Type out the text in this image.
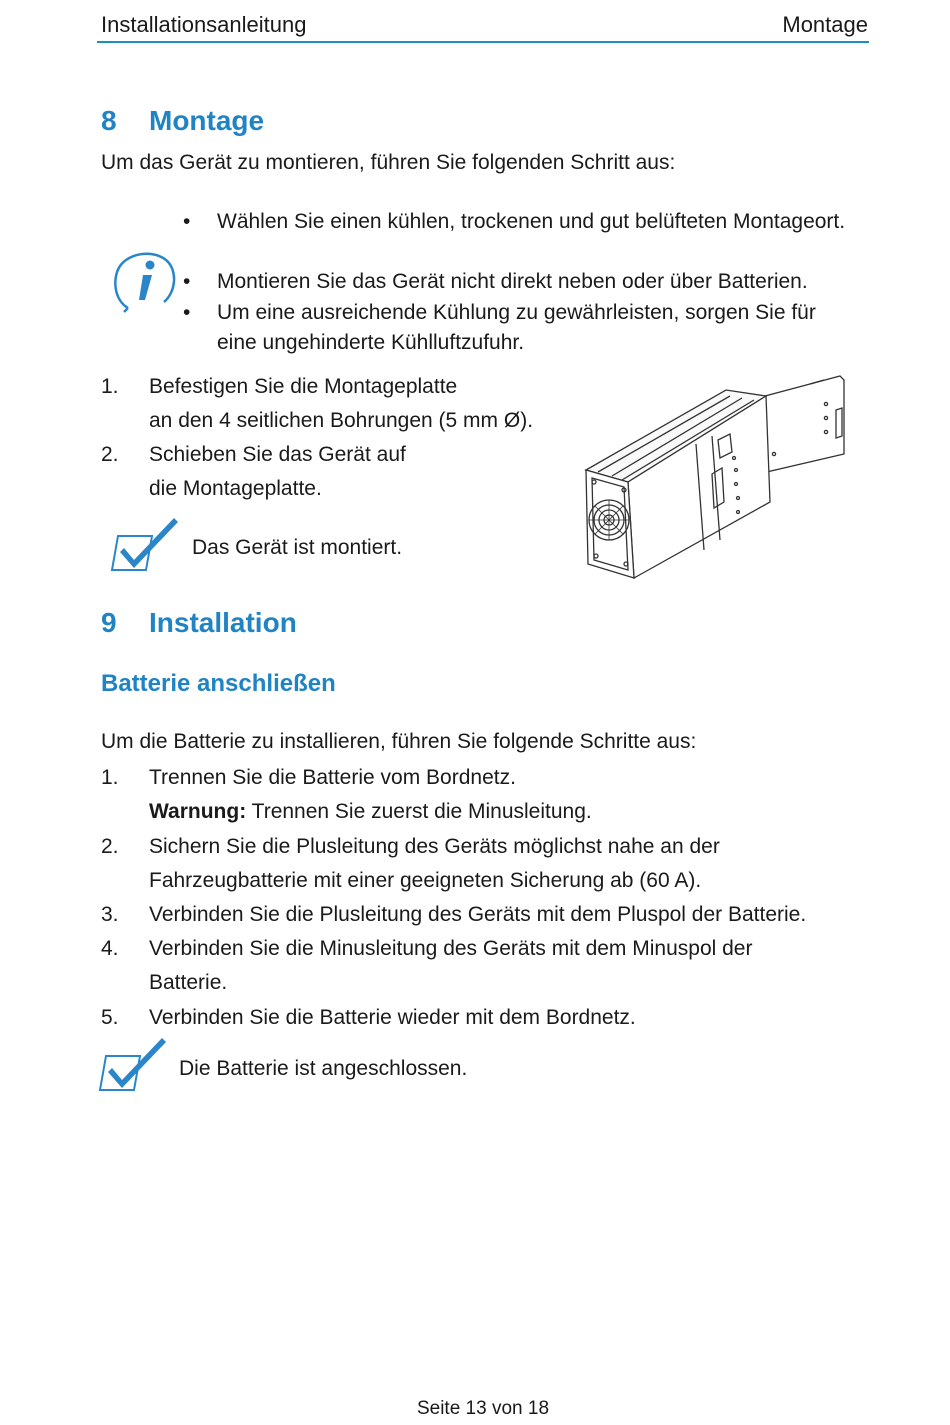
Installationsanleitung	Montage
8 Montage
Um das Gerät zu montieren, führen Sie folgenden Schritt aus:
• Wählen Sie einen kühlen, trockenen und gut belüfteten Montageort.
• Montieren Sie das Gerät nicht direkt neben oder über Batterien.
• Um eine ausreichende Kühlung zu gewährleisten, sorgen Sie für eine ungehinderte Kühlluftzufuhr.
1. Befestigen Sie die Montageplatte
an den 4 seitlichen Bohrungen (5 mm Ø).
2. Schieben Sie das Gerät auf
die Montageplatte.
Das Gerät ist montiert.
9 Installation
Batterie anschließen
Um die Batterie zu installieren, führen Sie folgende Schritte aus:
1. Trennen Sie die Batterie vom Bordnetz.
Warnung: Trennen Sie zuerst die Minusleitung.
2. Sichern Sie die Plusleitung des Geräts möglichst nahe an der
Fahrzeugbatterie mit einer geeigneten Sicherung ab (60 A).
3. Verbinden Sie die Plusleitung des Geräts mit dem Pluspol der Batterie.
4. Verbinden Sie die Minusleitung des Geräts mit dem Minuspol der
Batterie.
5. Verbinden Sie die Batterie wieder mit dem Bordnetz.
Die Batterie ist angeschlossen.
Seite 13 von 18
